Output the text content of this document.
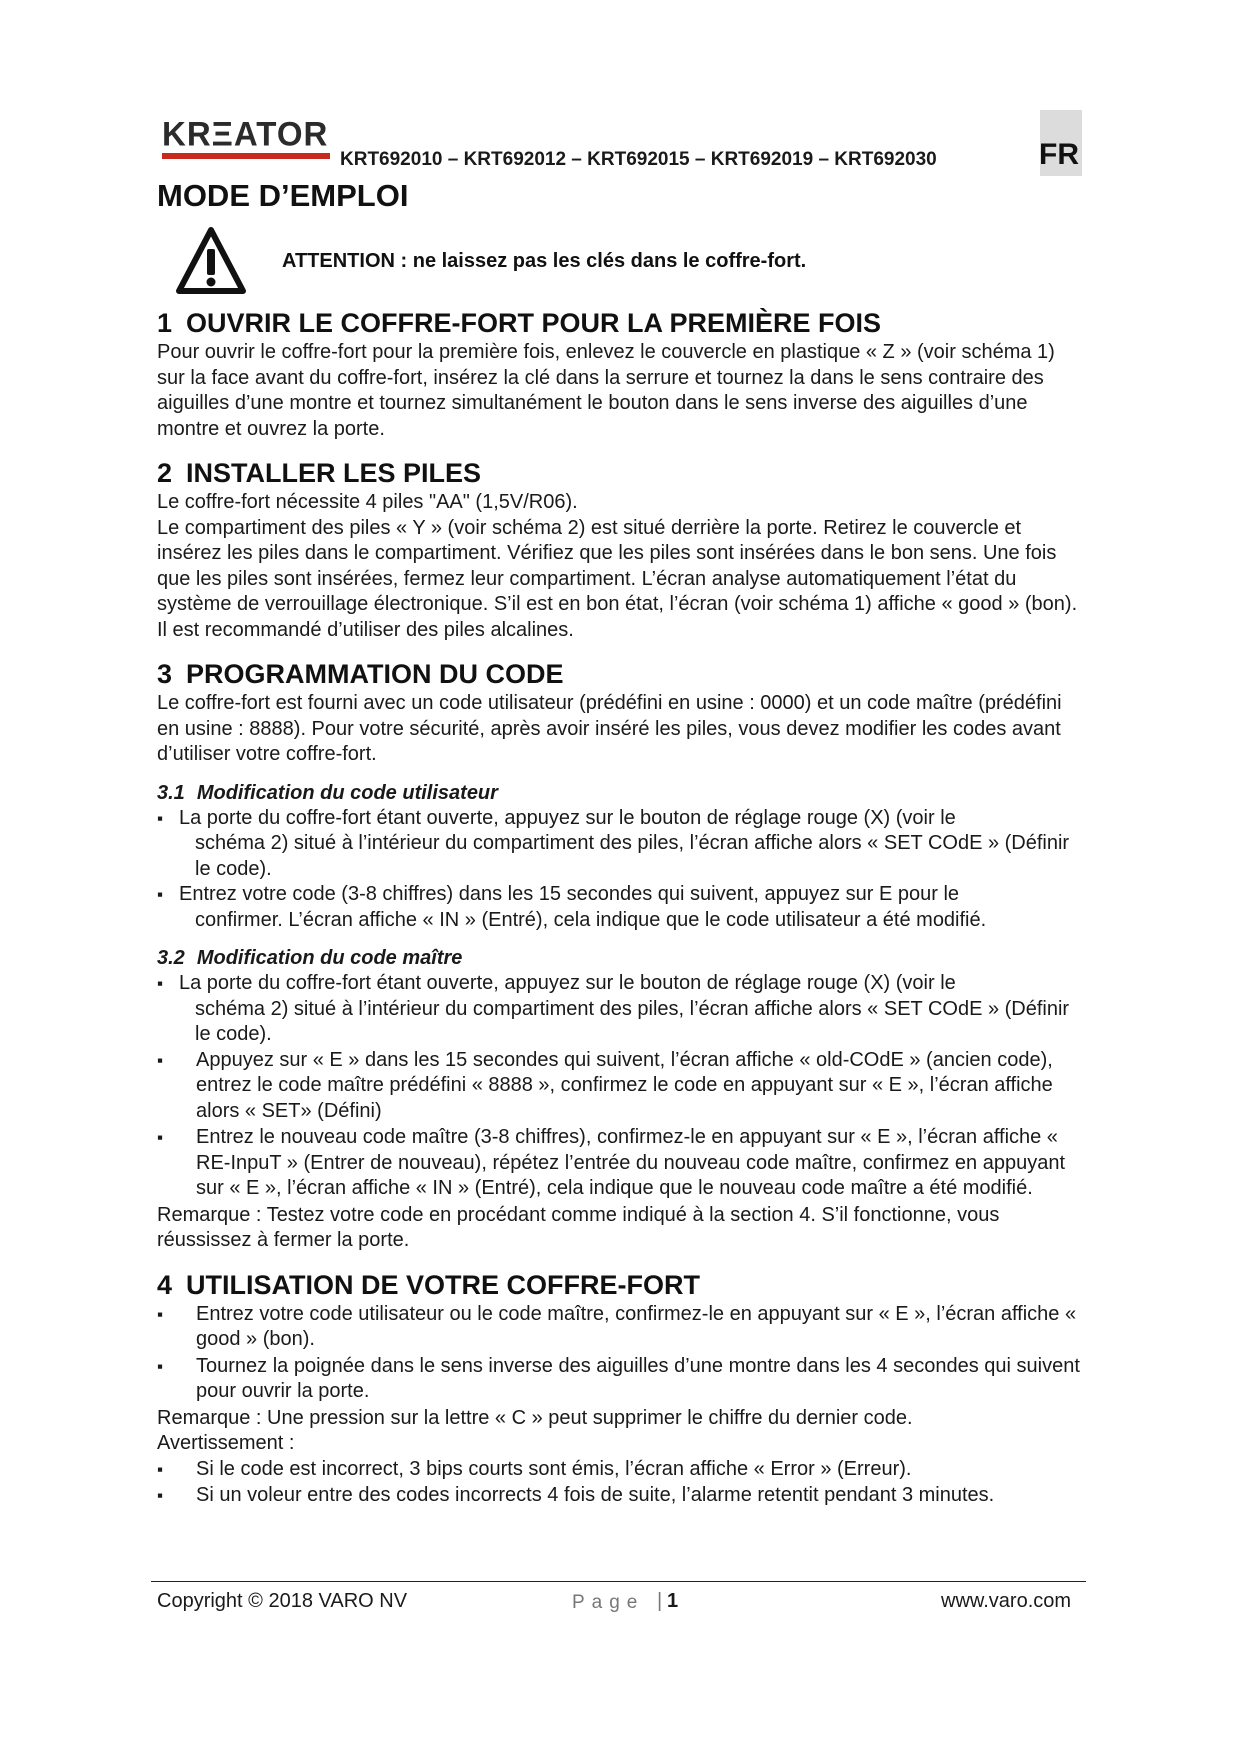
KRΞATOR
KRT692010 – KRT692012 – KRT692015 – KRT692019 – KRT692030	FR
MODE D’EMPLOI
ATTENTION : ne laissez pas les clés dans le coffre-fort.
1 OUVRIR LE COFFRE-FORT POUR LA PREMIÈRE FOIS

Pour ouvrir le coffre-fort pour la première fois, enlevez le couvercle en plastique « Z » (voir schéma 1) sur la face avant du coffre-fort, insérez la clé dans la serrure et tournez la dans le sens contraire des aiguilles d’une montre et tournez simultanément le bouton dans le sens inverse des aiguilles d’une montre et ouvrez la porte.

2 INSTALLER LES PILES

Le coffre-fort nécessite 4 piles "AA" (1,5V/R06).

Le compartiment des piles « Y » (voir schéma 2) est situé derrière la porte. Retirez le couvercle et insérez les piles dans le compartiment. Vérifiez que les piles sont insérées dans le bon sens. Une fois que les piles sont insérées, fermez leur compartiment. L’écran analyse automatiquement l’état du système de verrouillage électronique. S’il est en bon état, l’écran (voir schéma 1) affiche « good » (bon). Il est recommandé d’utiliser des piles alcalines.

3 PROGRAMMATION DU CODE

Le coffre-fort est fourni avec un code utilisateur (prédéfini en usine : 0000) et un code maître (prédéfini en usine : 8888). Pour votre sécurité, après avoir inséré les piles, vous devez modifier les codes avant d’utiliser votre coffre-fort.

3.1 Modification du code utilisateur
▪ La porte du coffre-fort étant ouverte, appuyez sur le bouton de réglage rouge (X) (voir le
schéma 2) situé à l’intérieur du compartiment des piles, l’écran affiche alors « SET COdE » (Définir le code).
▪ Entrez votre code (3-8 chiffres) dans les 15 secondes qui suivent, appuyez sur E pour le
confirmer. L’écran affiche « IN » (Entré), cela indique que le code utilisateur a été modifié.
3.2 Modification du code maître
▪ La porte du coffre-fort étant ouverte, appuyez sur le bouton de réglage rouge (X) (voir le
schéma 2) situé à l’intérieur du compartiment des piles, l’écran affiche alors « SET COdE » (Définir le code).
▪ Appuyez sur « E » dans les 15 secondes qui suivent, l’écran affiche « old-COdE » (ancien code), entrez le code maître prédéfini « 8888 », confirmez le code en appuyant sur « E », l’écran affiche alors « SET» (Défini)
▪ Entrez le nouveau code maître (3-8 chiffres), confirmez-le en appuyant sur « E », l’écran affiche « RE-InpuT » (Entrer de nouveau), répétez l’entrée du nouveau code maître, confirmez en appuyant sur « E », l’écran affiche « IN » (Entré), cela indique que le nouveau code maître a été modifié.

Remarque : Testez votre code en procédant comme indiqué à la section 4. S’il fonctionne, vous réussissez à fermer la porte.

4 UTILISATION DE VOTRE COFFRE-FORT
▪ Entrez votre code utilisateur ou le code maître, confirmez-le en appuyant sur « E », l’écran affiche « good » (bon).
▪ Tournez la poignée dans le sens inverse des aiguilles d’une montre dans les 4 secondes qui suivent pour ouvrir la porte.

Remarque : Une pression sur la lettre « C » peut supprimer le chiffre du dernier code.

Avertissement :

▪ Si le code est incorrect, 3 bips courts sont émis, l’écran affiche « Error » (Erreur).
▪ Si un voleur entre des codes incorrects 4 fois de suite, l’alarme retentit pendant 3 minutes.
Copyright © 2018 VARO NV	Page | 1	www.varo.com
